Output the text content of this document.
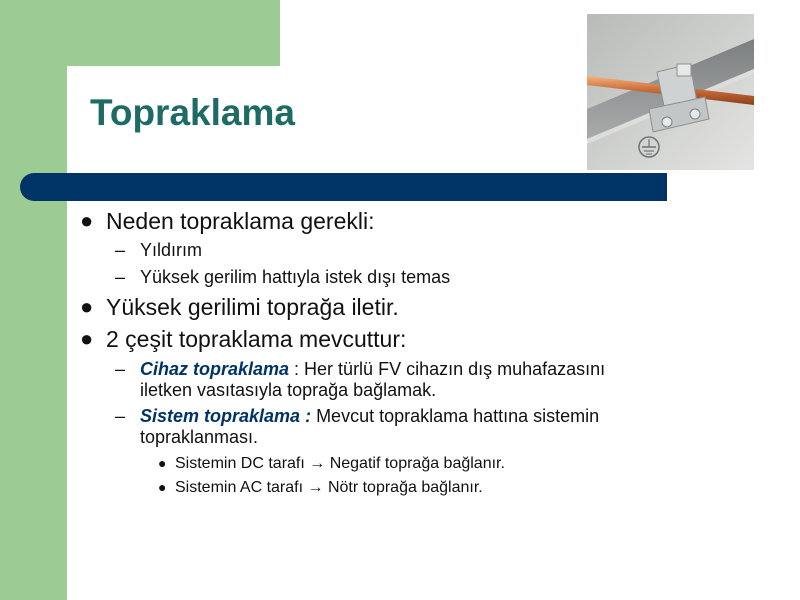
Topraklama
● Neden topraklama gerekli:
– Yıldırım
– Yüksek gerilim hattıyla istek dışı temas
● Yüksek gerilimi toprağa iletir.
● 2 çeşit topraklama mevcuttur:
– Cihaz topraklama : Her türlü FV cihazın dış muhafazasını
iletken vasıtasıyla toprağa bağlamak.
– Sistem topraklama : Mevcut topraklama hattına sistemin
topraklanması.
● Sistemin DC tarafı → Negatif toprağa bağlanır.
● Sistemin AC tarafı → Nötr toprağa bağlanır.
